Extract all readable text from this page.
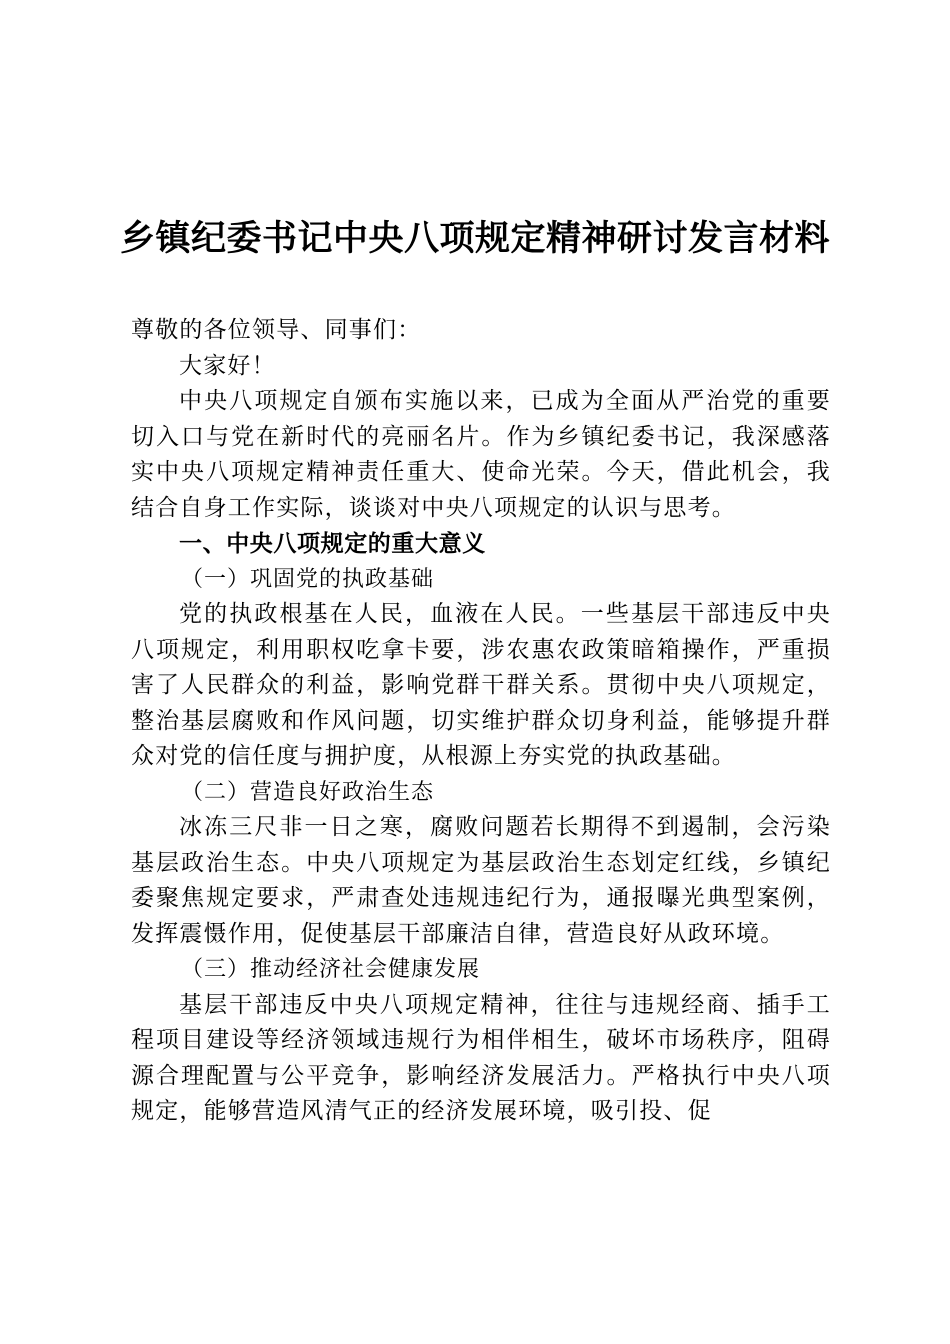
乡镇纪委书记中央八项规定精神研讨发言材料

尊敬的各位领导、同事们：

大家好！

中央八项规定自颁布实施以来，已成为全面从严治党的重要切入口与党在新时代的亮丽名片。作为乡镇纪委书记，我深感落实中央八项规定精神责任重大、使命光荣。今天，借此机会，我结合自身工作实际，谈谈对中央八项规定的认识与思考。

一、中央八项规定的重大意义
（一）巩固党的执政基础

党的执政根基在人民，血液在人民。一些基层干部违反中央八项规定，利用职权吃拿卡要，涉农惠农政策暗箱操作，严重损害了人民群众的利益，影响党群干群关系。贯彻中央八项规定，整治基层腐败和作风问题，切实维护群众切身利益，能够提升群众对党的信任度与拥护度，从根源上夯实党的执政基础。

（二）营造良好政治生态

冰冻三尺非一日之寒，腐败问题若长期得不到遏制，会污染基层政治生态。中央八项规定为基层政治生态划定红线，乡镇纪委聚焦规定要求，严肃查处违规违纪行为，通报曝光典型案例，发挥震慑作用，促使基层干部廉洁自律，营造良好从政环境。

（三）推动经济社会健康发展

基层干部违反中央八项规定精神，往往与违规经商、插手工程项目建设等经济领域违规行为相伴相生，破坏市场秩序，阻碍源合理配置与公平竞争，影响经济发展活力。严格执行中央八项规定，能够营造风清气正的经济发展环境，吸引投、促
